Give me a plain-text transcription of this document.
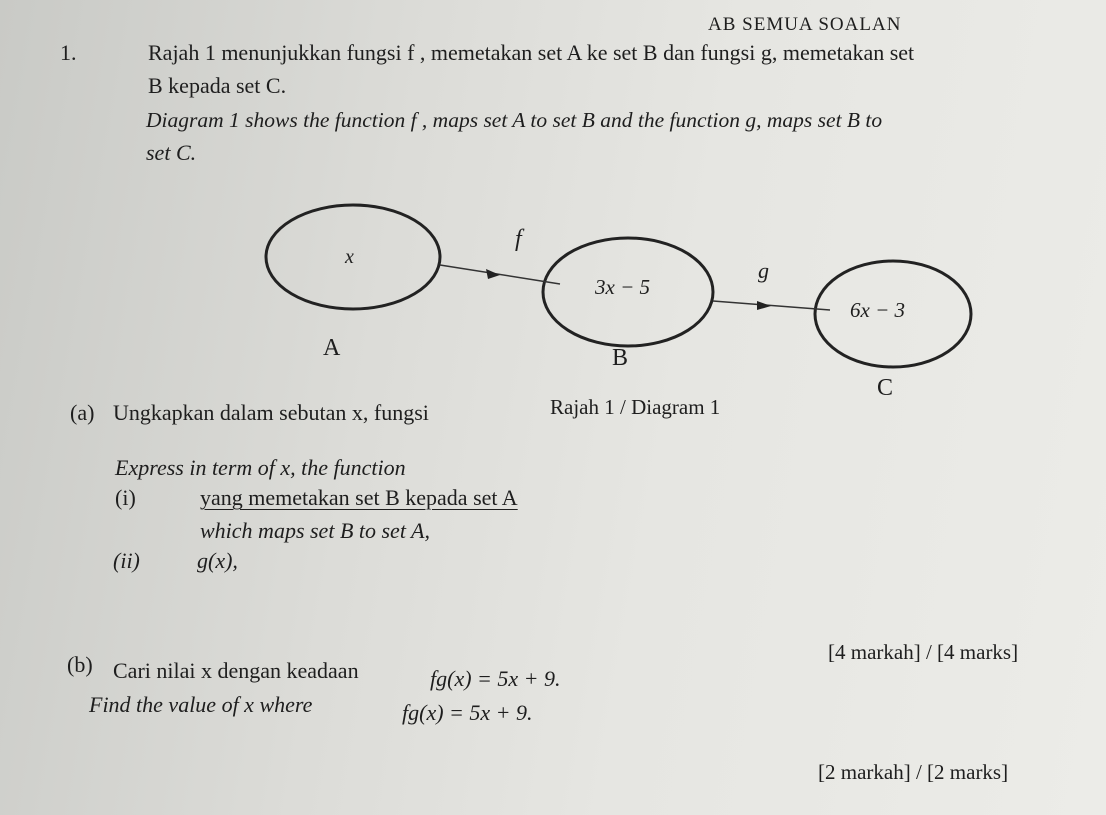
AB SEMUA SOALAN
1.	Rajah 1 menunjukkan fungsi f , memetakan set A ke set B dan fungsi g, memetakan set
B kepada set C.
Diagram 1 shows the function f , maps set A to set B and the function g, maps set B to
set C.
x
A
f
3x − 5
B
g
6x − 3
C
Rajah 1 / Diagram 1
(a) Ungkapkan dalam sebutan x, fungsi
Express in term of x, the function
(i)	yang memetakan set B kepada set A
which maps set B to set A,
(ii)	g(x),
[4 markah] / [4 marks]
(b) Cari nilai x dengan keadaan	fg(x) = 5x + 9.
Find the value of x where	fg(x) = 5x + 9.
[2 markah] / [2 marks]
